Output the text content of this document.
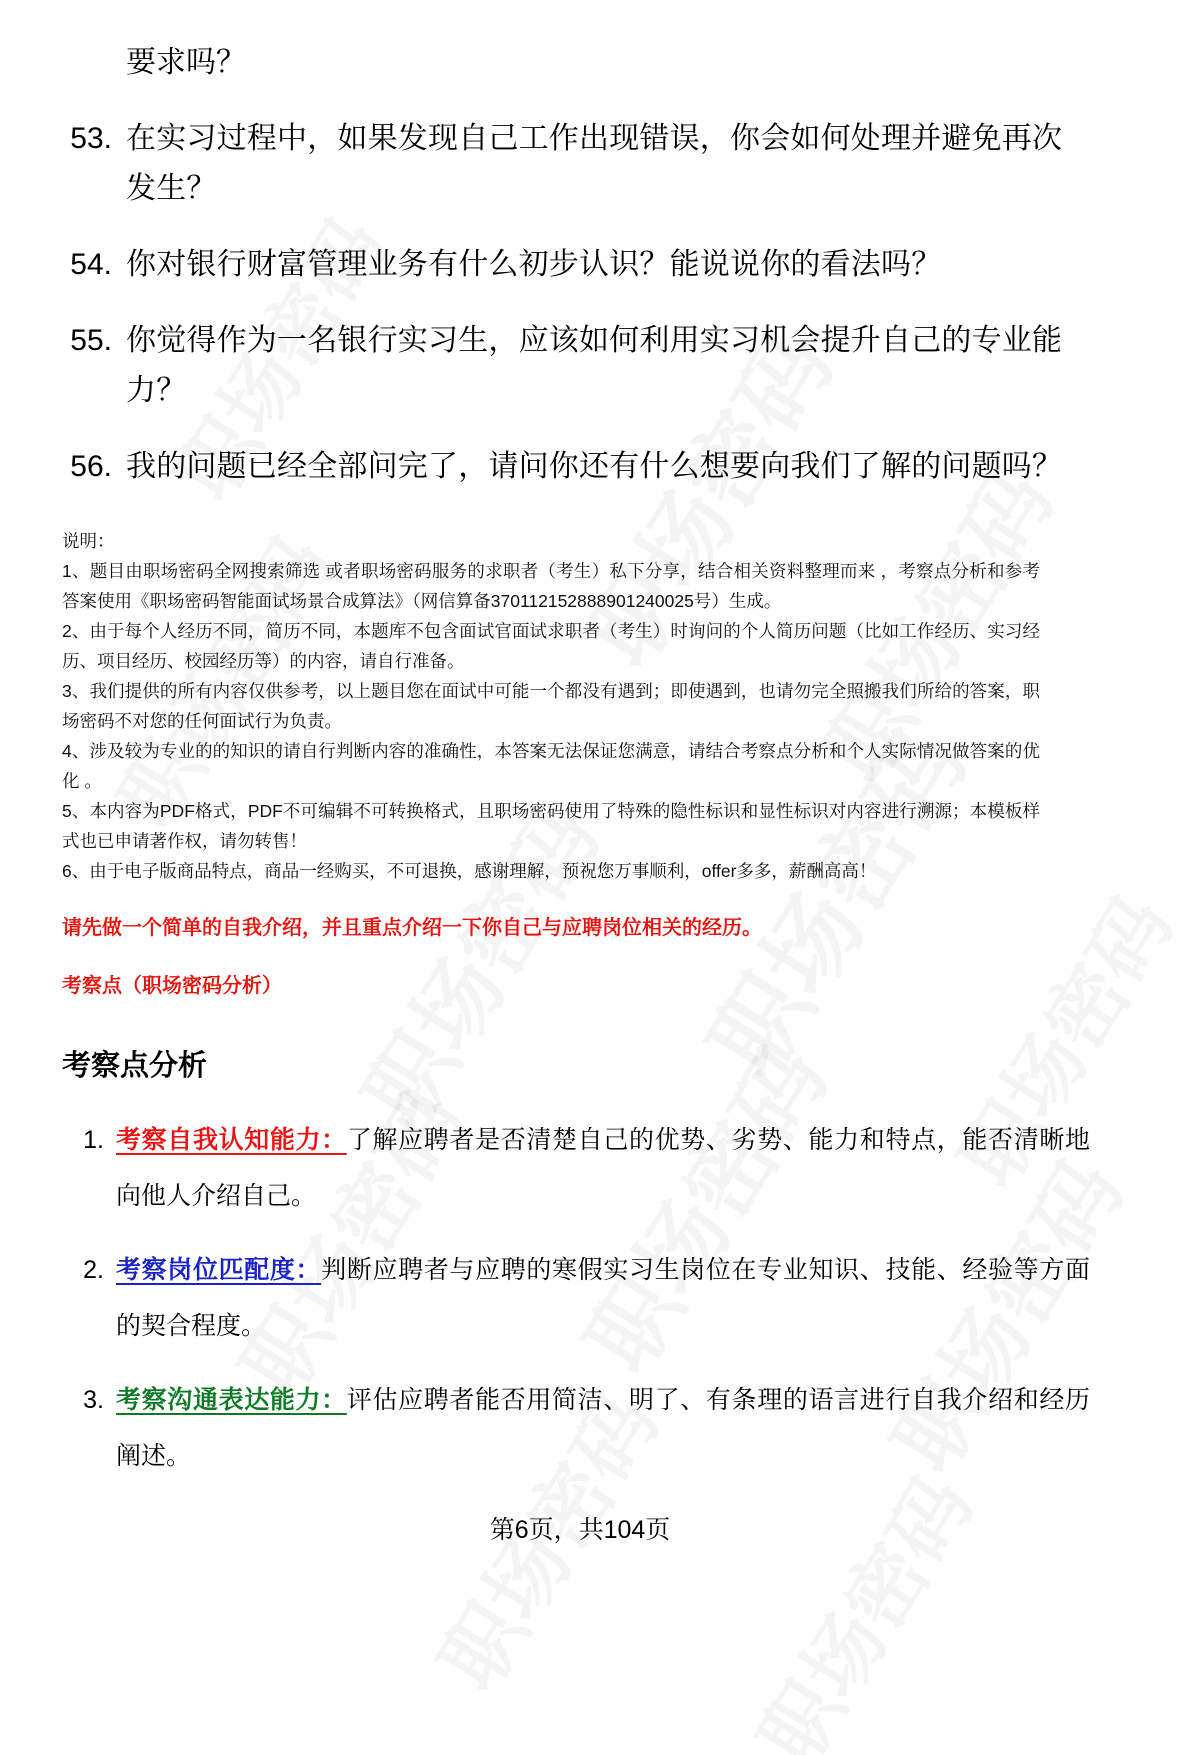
要求吗？
53. 在实习过程中，如果发现自己工作出现错误，你会如何处理并避免再次发生？
54. 你对银行财富管理业务有什么初步认识？能说说你的看法吗？
55. 你觉得作为一名银行实习生，应该如何利用实习机会提升自己的专业能力？
56. 我的问题已经全部问完了，请问你还有什么想要向我们了解的问题吗？

说明：

1、题目由职场密码全网搜索筛选 或者职场密码服务的求职者（考生）私下分享，结合相关资料整理而来 ，考察点分析和参考答案使用《职场密码智能面试场景合成算法》（网信算备370112152888901240025号）生成。

2、由于每个人经历不同，简历不同，本题库不包含面试官面试求职者（考生）时询问的个人简历问题（比如工作经历、实习经历、项目经历、校园经历等）的内容，请自行准备。

3、我们提供的所有内容仅供参考，以上题目您在面试中可能一个都没有遇到；即使遇到，也请勿完全照搬我们所给的答案，职场密码不对您的任何面试行为负责。

4、涉及较为专业的的知识的请自行判断内容的准确性，本答案无法保证您满意，请结合考察点分析和个人实际情况做答案的优化 。

5、本内容为PDF格式，PDF不可编辑不可转换格式，且职场密码使用了特殊的隐性标识和显性标识对内容进行溯源；本模板样式也已申请著作权，请勿转售！

6、由于电子版商品特点，商品一经购买，不可退换，感谢理解，预祝您万事顺利，offer多多，薪酬高高！

请先做一个简单的自我介绍，并且重点介绍一下你自己与应聘岗位相关的经历。
考察点（职场密码分析）
考察点分析
1. 考察自我认知能力：了解应聘者是否清楚自己的优势、劣势、能力和特点，能否清晰地向他人介绍自己。
2. 考察岗位匹配度：判断应聘者与应聘的寒假实习生岗位在专业知识、技能、经验等方面的契合程度。
3. 考察沟通表达能力：评估应聘者能否用简洁、明了、有条理的语言进行自我介绍和经历阐述。
第6页，共104页
